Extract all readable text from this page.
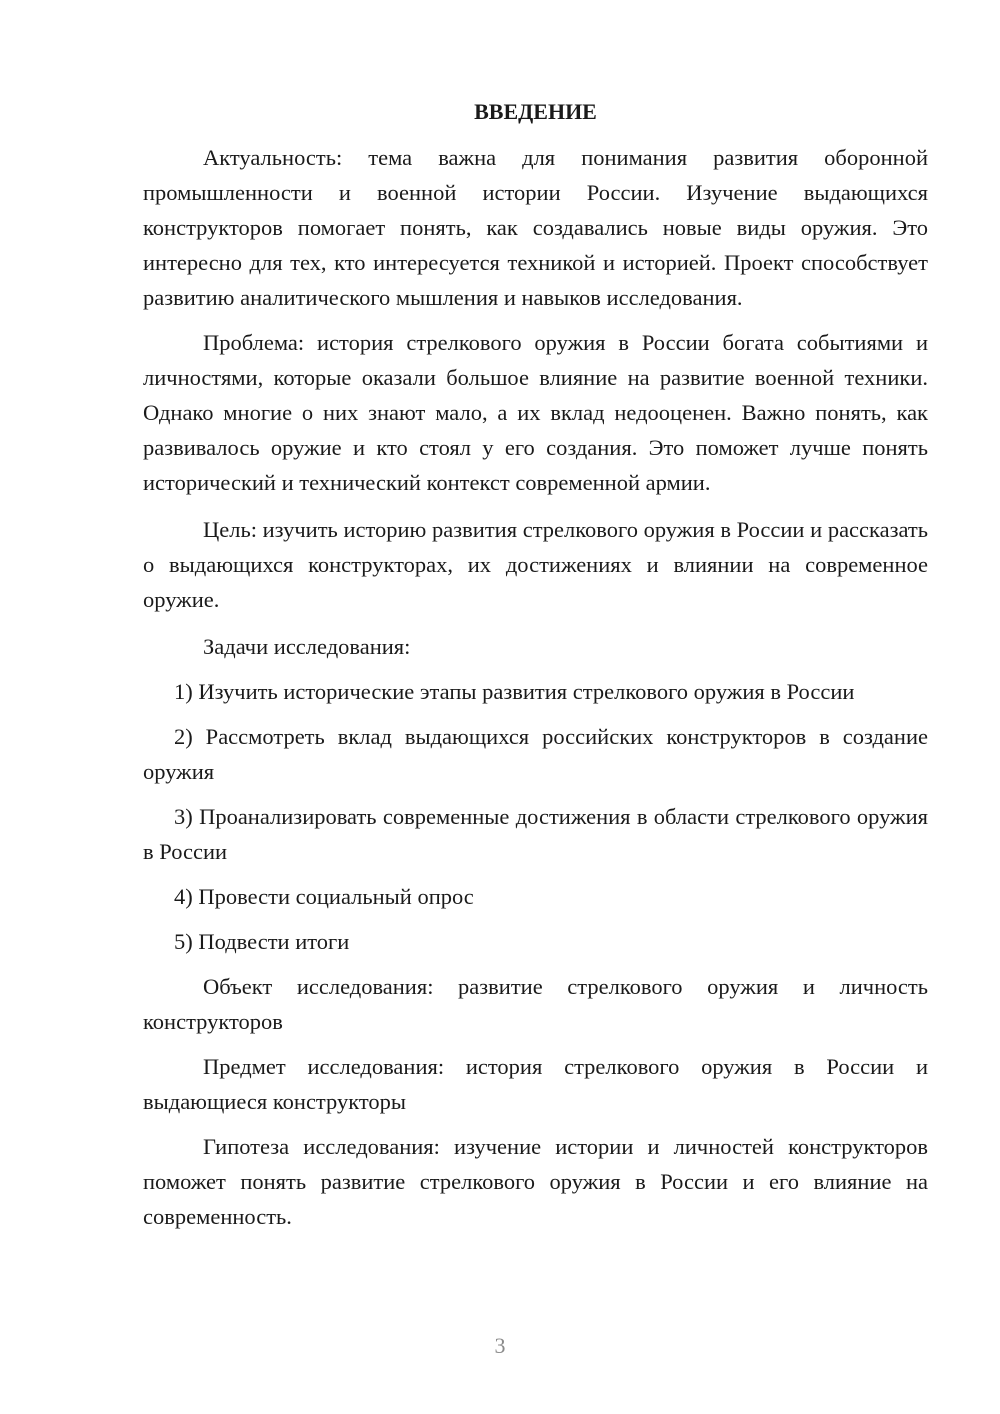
ВВЕДЕНИЕ

Актуальность: тема важна для понимания развития оборонной промышленности и военной истории России. Изучение выдающихся конструкторов помогает понять, как создавались новые виды оружия. Это интересно для тех, кто интересуется техникой и историей. Проект способствует развитию аналитического мышления и навыков исследования.

Проблема: история стрелкового оружия в России богата событиями и личностями, которые оказали большое влияние на развитие военной техники. Однако многие о них знают мало, а их вклад недооценен. Важно понять, как развивалось оружие и кто стоял у его создания. Это поможет лучше понять исторический и технический контекст современной армии.

Цель: изучить историю развития стрелкового оружия в России и рассказать о выдающихся конструкторах, их достижениях и влиянии на современное оружие.

Задачи исследования:

1) Изучить исторические этапы развития стрелкового оружия в России

2) Рассмотреть вклад выдающихся российских конструкторов в создание оружия

3) Проанализировать современные достижения в области стрелкового оружия в России

4) Провести социальный опрос

5) Подвести итоги

Объект исследования: развитие стрелкового оружия и личность конструкторов

Предмет исследования: история стрелкового оружия в России и выдающиеся конструкторы

Гипотеза исследования: изучение истории и личностей конструкторов поможет понять развитие стрелкового оружия в России и его влияние на современность.

3
